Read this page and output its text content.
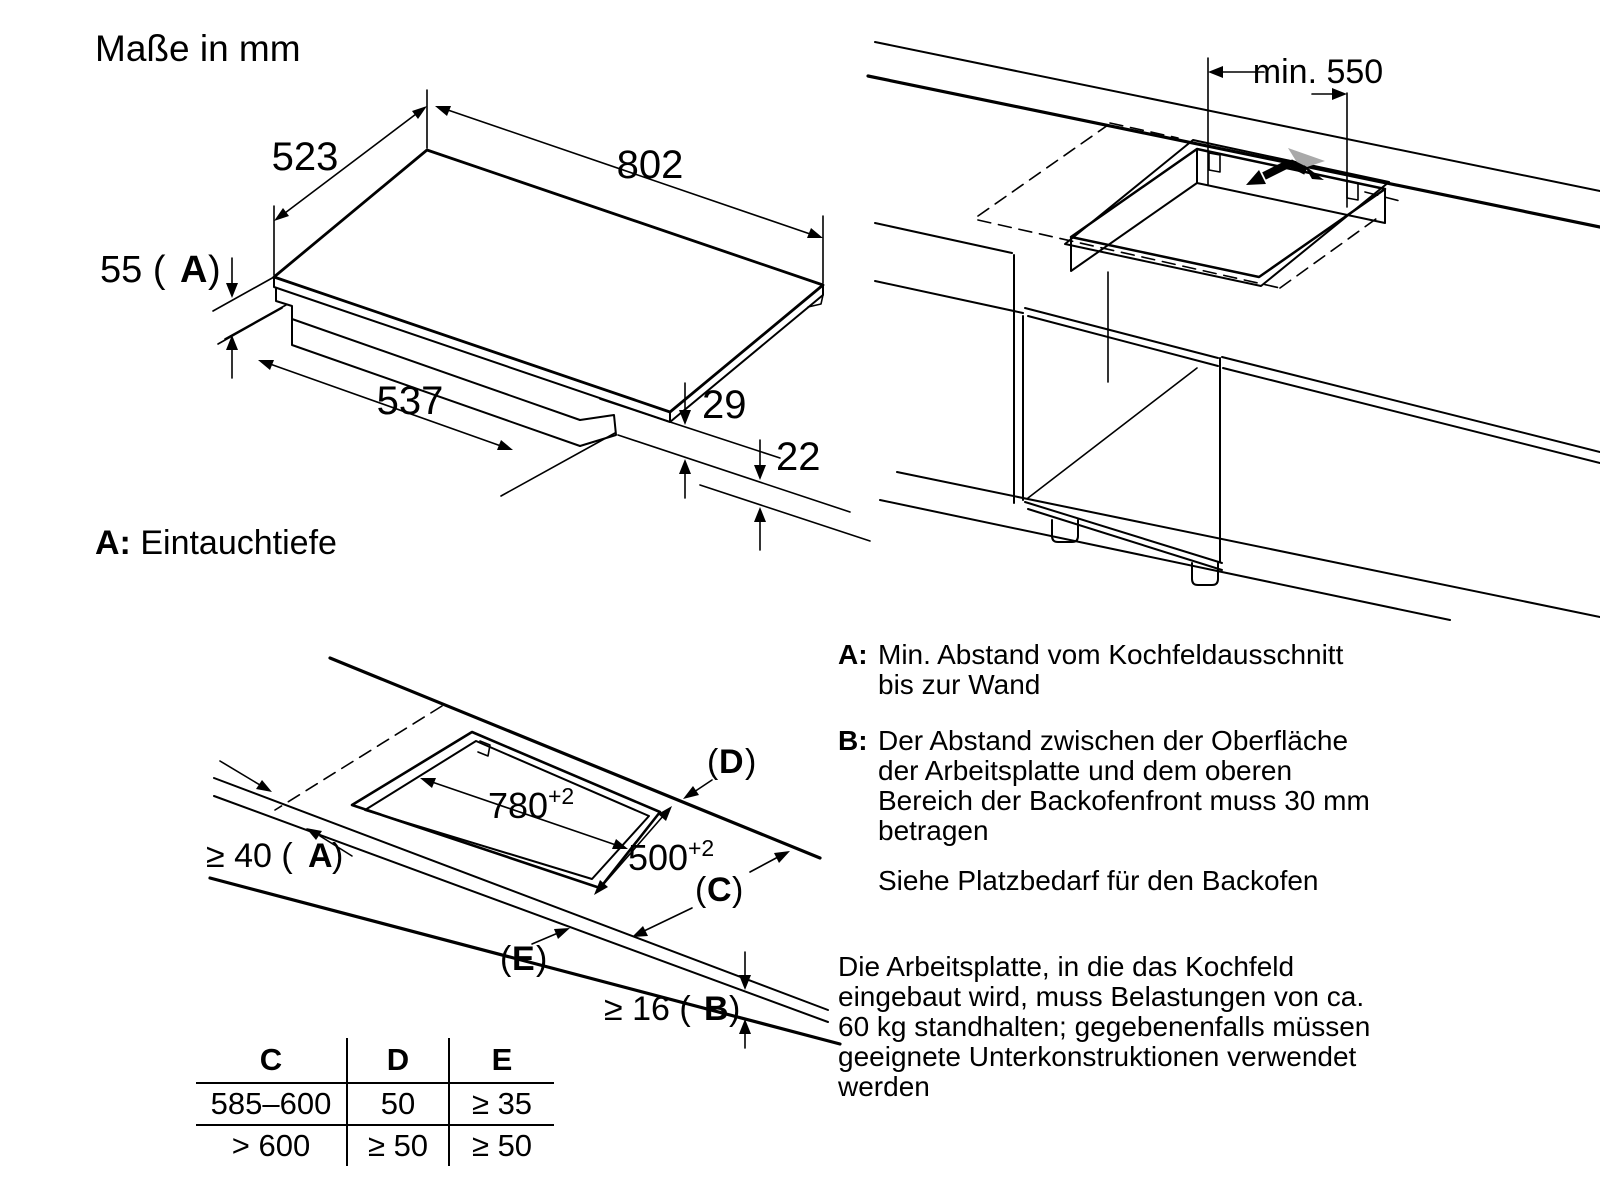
Maße in mm
523	802
55 ( A )
537	29
22
A: Eintauchtiefe
min. 550
780 +2
500 +2
≥ 40 ( A )
( D )
( C )
( E )
≥ 16 ( B )
C	D	E
585–600	50	≥ 35
> 600	≥ 50	≥ 50
A: Min. Abstand vom Kochfeldausschnitt
bis zur Wand
B: Der Abstand zwischen der Oberfläche
der Arbeitsplatte und dem oberen
Bereich der Backofenfront muss 30 mm
betragen
Siehe Platzbedarf für den Backofen
Die Arbeitsplatte, in die das Kochfeld
eingebaut wird, muss Belastungen von ca.
60 kg standhalten; gegebenenfalls müssen
geeignete Unterkonstruktionen verwendet
werden
